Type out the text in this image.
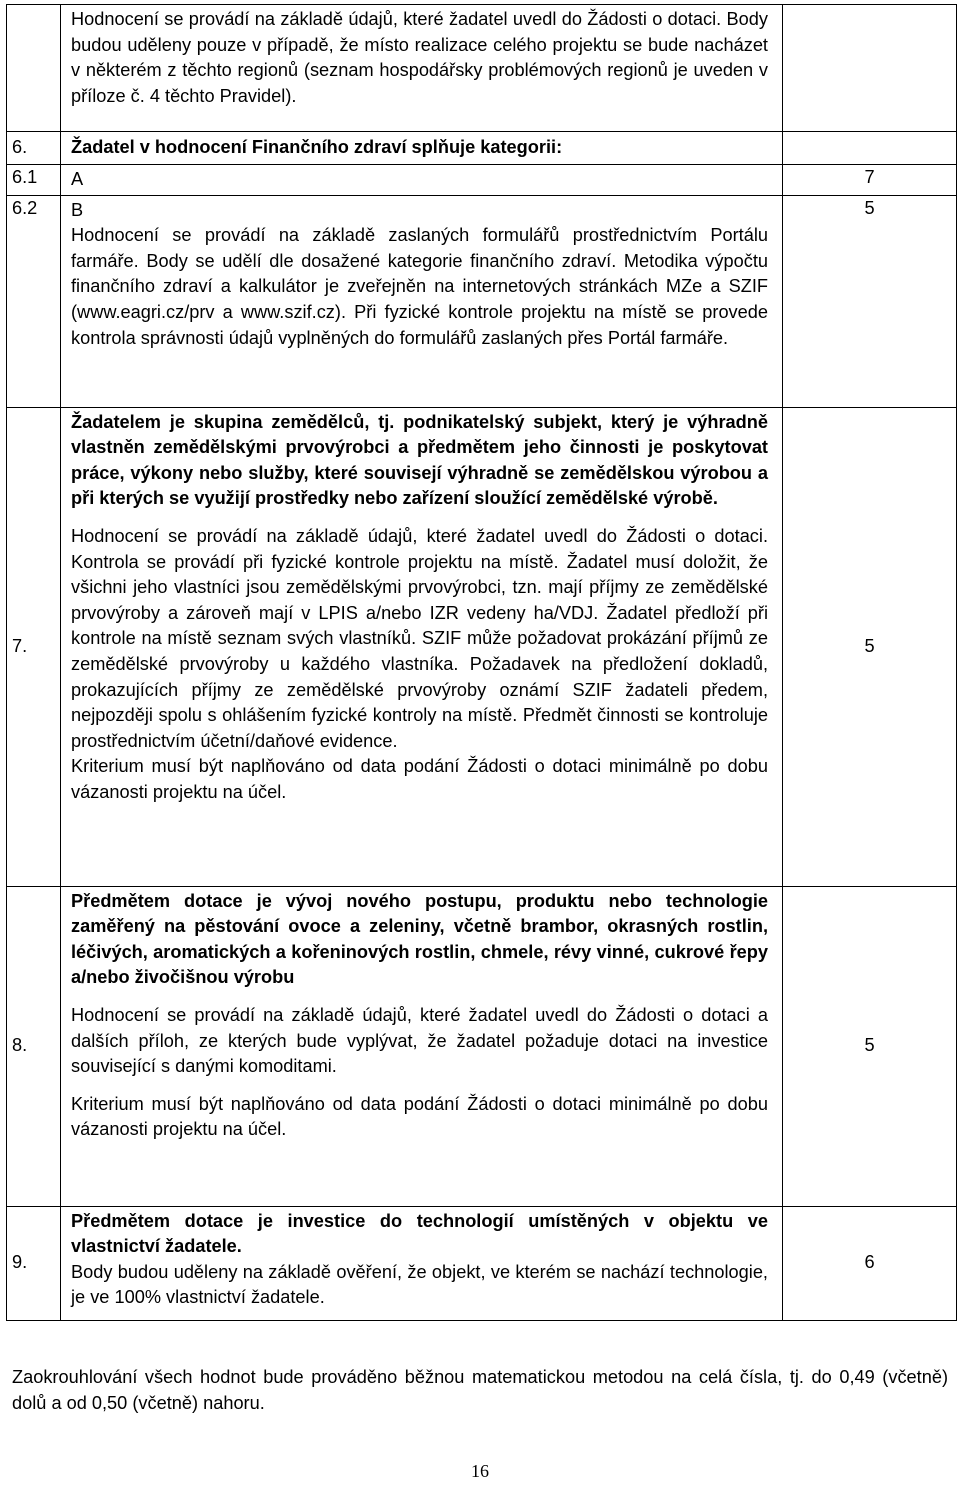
	Hodnocení se provádí na základě údajů, které žadatel uvedl do Žádosti o dotaci. Body budou uděleny pouze v případě, že místo realizace celého projektu se bude nacházet v některém z těchto regionů (seznam hospodářsky problémových regionů je uveden v příloze č. 4 těchto Pravidel).	

6.	Žadatel v hodnocení Finančního zdraví splňuje kategorii:	
6.1	A	7
6.2	B

Hodnocení se provádí na základě zaslaných formulářů prostřednictvím Portálu farmáře. Body se udělí dle dosažené kategorie finančního zdraví. Metodika výpočtu finančního zdraví a kalkulátor je zveřejněn na internetových stránkách MZe a SZIF (www.eagri.cz/prv a www.szif.cz). Při fyzické kontrole projektu na místě se provede kontrola správnosti údajů vyplněných do formulářů zaslaných přes Portál farmáře.	5
7.	Žadatelem je skupina zemědělců, tj. podnikatelský subjekt, který je výhradně vlastněn zemědělskými prvovýrobci a předmětem jeho činnosti je poskytovat práce, výkony nebo služby, které souvisejí výhradně se zemědělskou výrobou a při kterých se využijí prostředky nebo zařízení sloužící zemědělské výrobě.

Hodnocení se provádí na základě údajů, které žadatel uvedl do Žádosti o dotaci. Kontrola se provádí při fyzické kontrole projektu na místě. Žadatel musí doložit, že všichni jeho vlastníci jsou zemědělskými prvovýrobci, tzn. mají příjmy ze zemědělské prvovýroby a zároveň mají v LPIS a/nebo IZR vedeny ha/VDJ. Žadatel předloží při kontrole na místě seznam svých vlastníků. SZIF může požadovat prokázání příjmů ze zemědělské prvovýroby u každého vlastníka. Požadavek na předložení dokladů, prokazujících příjmy ze zemědělské prvovýroby oznámí SZIF žadateli předem, nejpozději spolu s ohlášením fyzické kontroly na místě. Předmět činnosti se kontroluje prostřednictvím účetní/daňové evidence.

Kriterium musí být naplňováno od data podání Žádosti o dotaci minimálně po dobu vázanosti projektu na účel.	5
8.	Předmětem dotace je vývoj nového postupu, produktu nebo technologie zaměřený na pěstování ovoce a zeleniny, včetně brambor, okrasných rostlin, léčivých, aromatických a kořeninových rostlin, chmele, révy vinné, cukrové řepy a/nebo živočišnou výrobu

Hodnocení se provádí na základě údajů, které žadatel uvedl do Žádosti o dotaci a dalších příloh, ze kterých bude vyplývat, že žadatel požaduje dotaci na investice související s danými komoditami.

Kriterium musí být naplňováno od data podání Žádosti o dotaci minimálně po dobu vázanosti projektu na účel.	5
9.	Předmětem dotace je investice do technologií umístěných v objektu ve vlastnictví žadatele.

Body budou uděleny na základě ověření, že objekt, ve kterém se nachází technologie, je ve 100% vlastnictví žadatele.	6

Zaokrouhlování všech hodnot bude prováděno běžnou matematickou metodou na celá čísla, tj. do 0,49 (včetně) dolů a od 0,50 (včetně) nahoru.

16
